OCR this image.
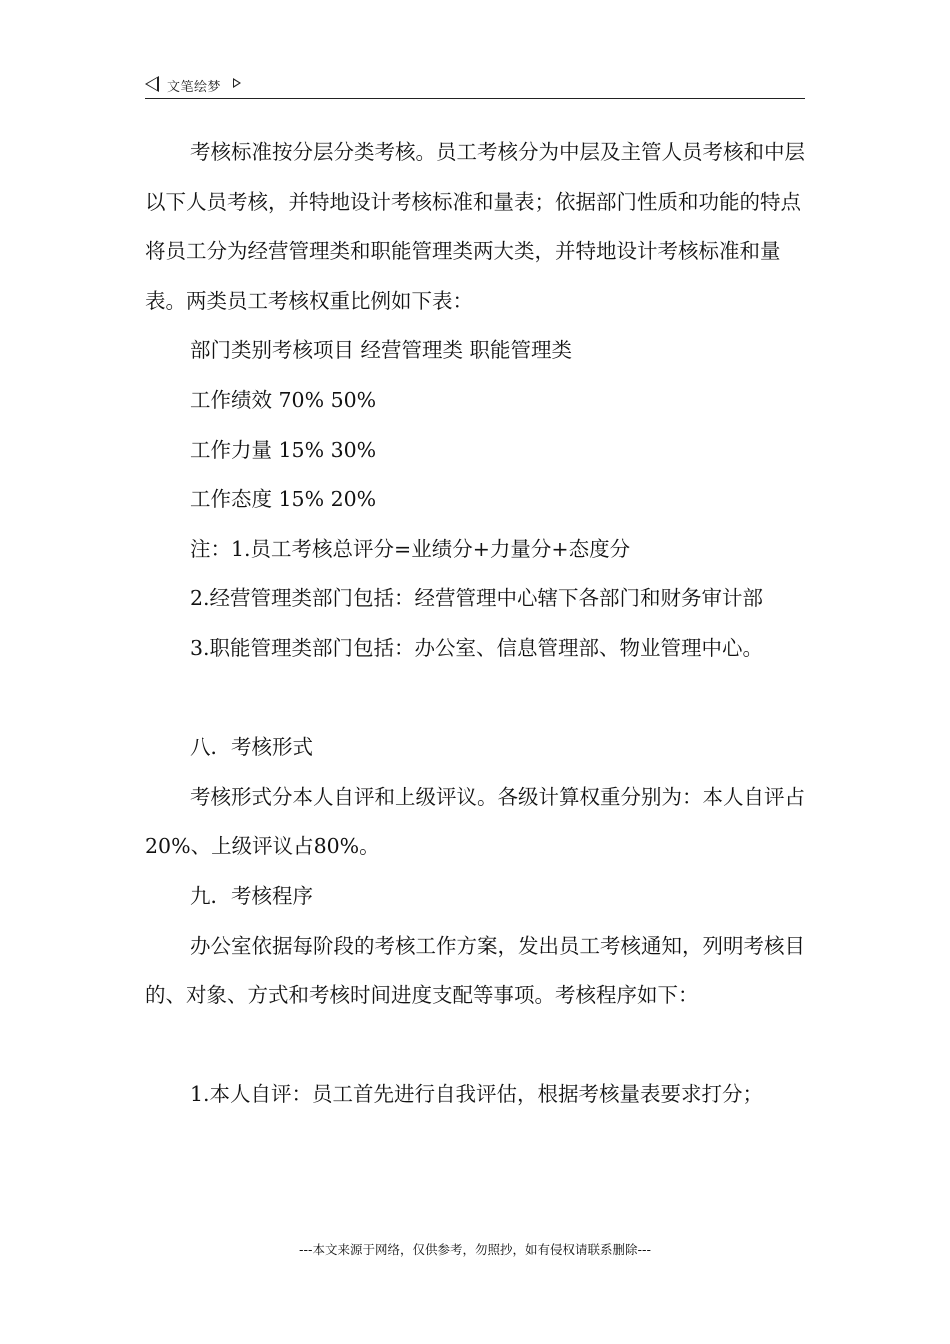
文笔绘梦

考核标准按分层分类考核。员工考核分为中层及主管人员考核和中层以下人员考核，并特地设计考核标准和量表；依据部门性质和功能的特点将员工分为经营管理类和职能管理类两大类，并特地设计考核标准和量表。两类员工考核权重比例如下表：

部门类别考核项目 经营管理类 职能管理类

工作绩效 70% 50%

工作力量 15% 30%

工作态度 15% 20%

注：1.员工考核总评分=业绩分+力量分+态度分

2.经营管理类部门包括：经营管理中心辖下各部门和财务审计部

3.职能管理类部门包括：办公室、信息管理部、物业管理中心。

八．考核形式

考核形式分本人自评和上级评议。各级计算权重分别为：本人自评占20%、上级评议占80%。

九．考核程序

办公室依据每阶段的考核工作方案，发出员工考核通知，列明考核目的、对象、方式和考核时间进度支配等事项。考核程序如下：

1.本人自评：员工首先进行自我评估，根据考核量表要求打分；

---本文来源于网络，仅供参考，勿照抄，如有侵权请联系删除---
